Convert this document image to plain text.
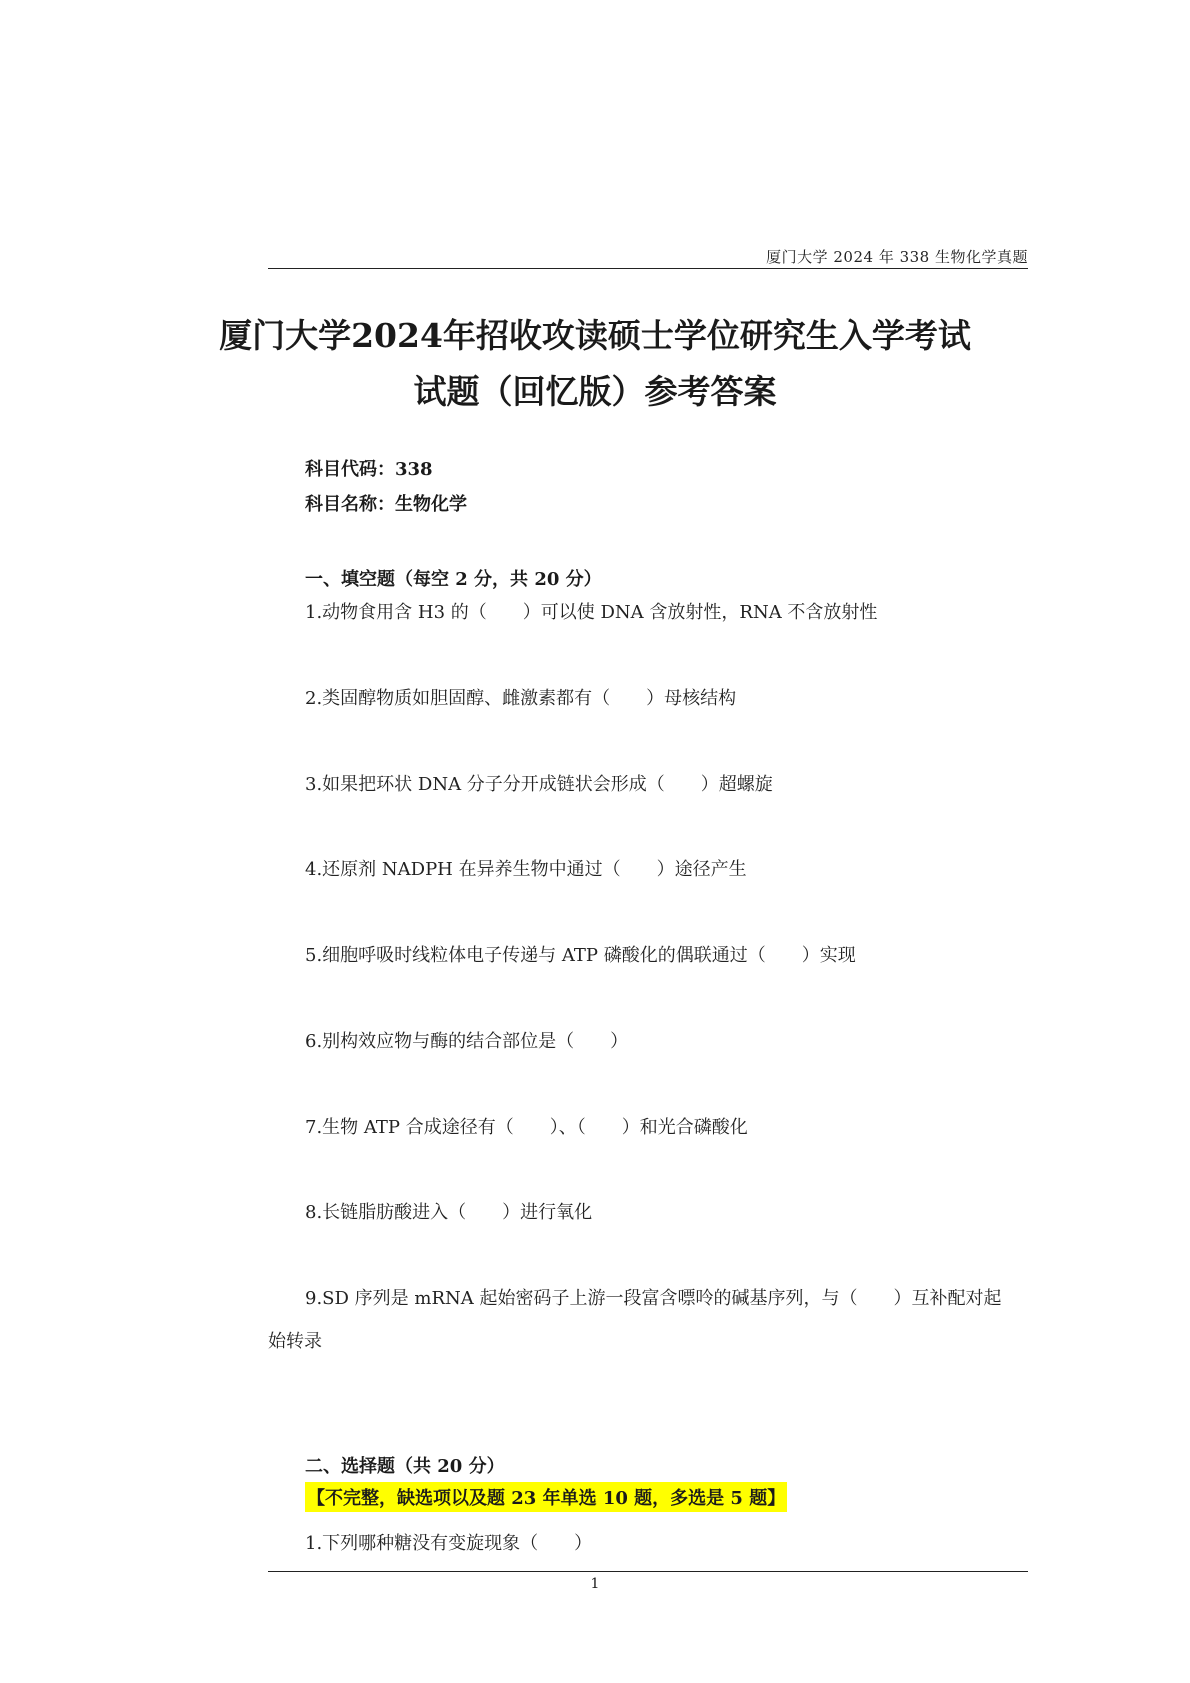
厦门大学 2024 年 338 生物化学真题
厦门大学2024年招收攻读硕士学位研究生入学考试
试题（回忆版）参考答案
科目代码：338
科目名称：生物化学
一、填空题（每空 2 分，共 20 分）
1.动物食用含 H3 的（　　）可以使 DNA 含放射性，RNA 不含放射性
2.类固醇物质如胆固醇、雌激素都有（　　）母核结构
3.如果把环状 DNA 分子分开成链状会形成（　　）超螺旋
4.还原剂 NADPH 在异养生物中通过（　　）途径产生
5.细胞呼吸时线粒体电子传递与 ATP 磷酸化的偶联通过（　　）实现
6.别构效应物与酶的结合部位是（　　）
7.生物 ATP 合成途径有（　　）、（　　）和光合磷酸化
8.长链脂肪酸进入（　　）进行氧化
9.SD 序列是 mRNA 起始密码子上游一段富含嘌呤的碱基序列，与（　　）互补配对起
始转录
二、选择题（共 20 分）
【不完整，缺选项以及题 23 年单选 10 题，多选是 5 题】
1.下列哪种糖没有变旋现象（　　）
1
